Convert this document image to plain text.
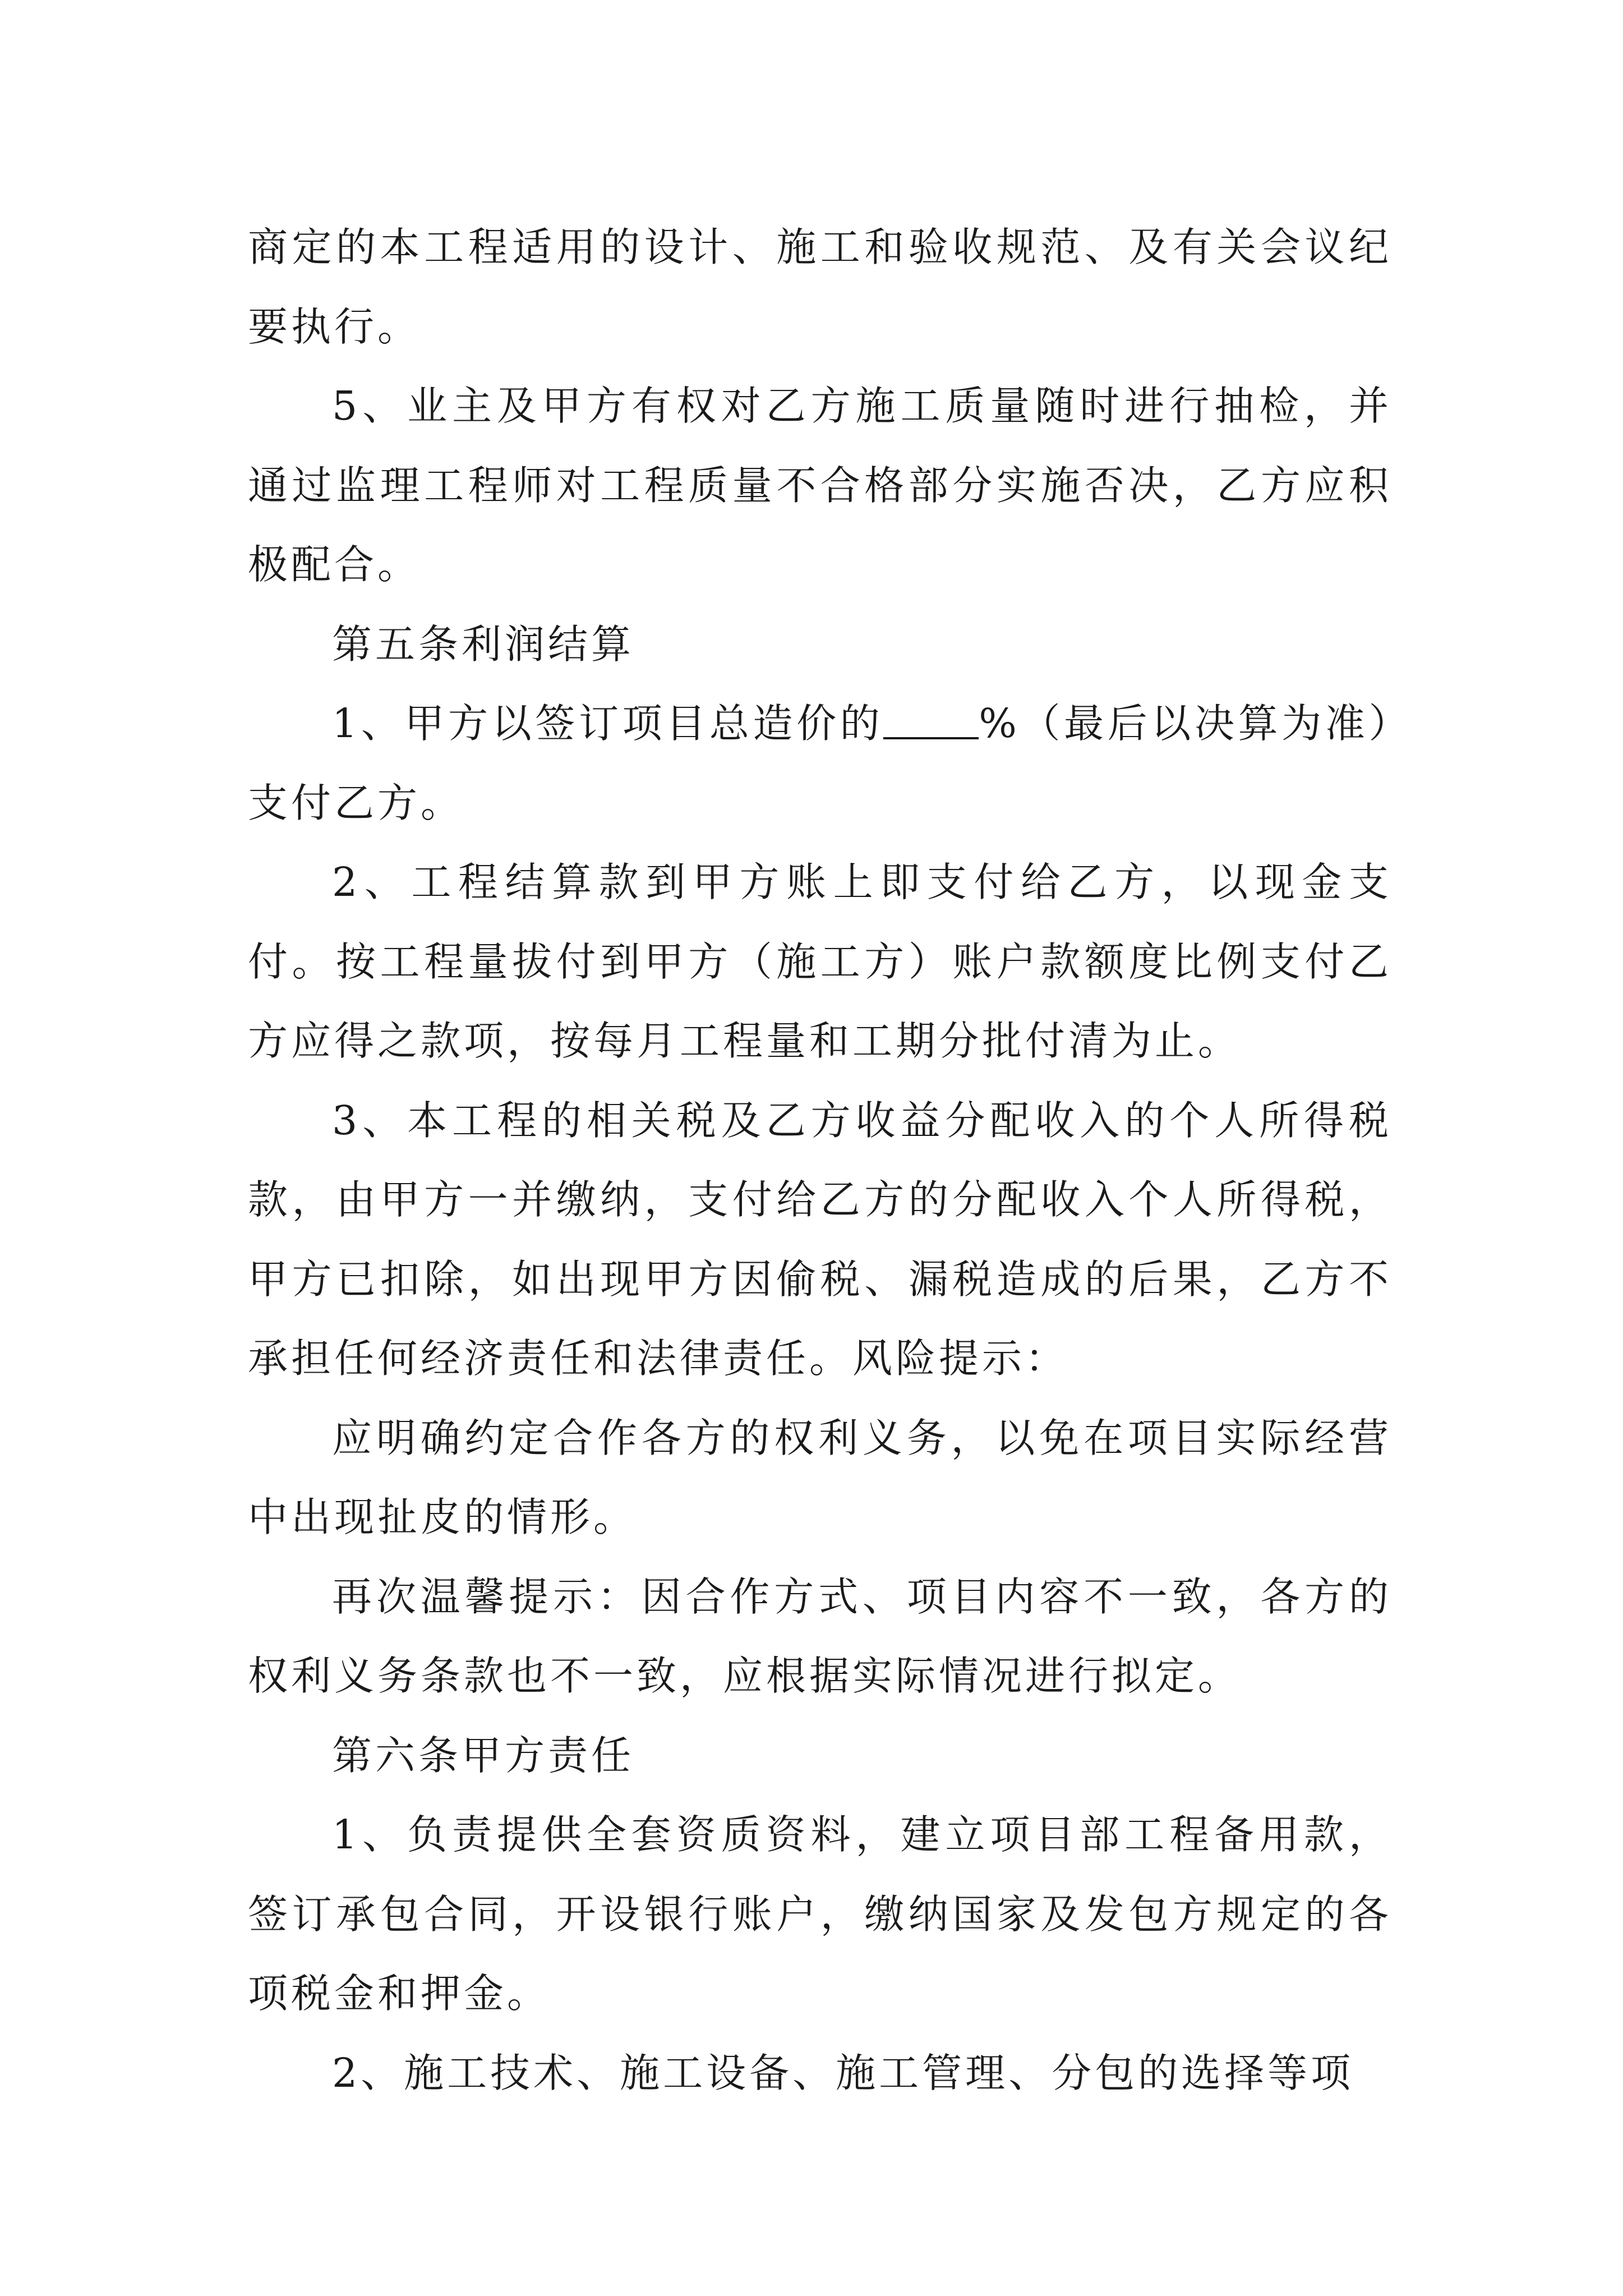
商定的本工程适用的设计、施工和验收规范、及有关会议纪要执行。

5、业主及甲方有权对乙方施工质量随时进行抽检，并通过监理工程师对工程质量不合格部分实施否决，乙方应积极配合。

第五条利润结算

1、甲方以签订项目总造价的 %（最后以决算为准）支付乙方。

2、工程结算款到甲方账上即支付给乙方，以现金支付。按工程量拔付到甲方（施工方）账户款额度比例支付乙方应得之款项，按每月工程量和工期分批付清为止。

3、本工程的相关税及乙方收益分配收入的个人所得税款，由甲方一并缴纳，支付给乙方的分配收入个人所得税，甲方已扣除，如出现甲方因偷税、漏税造成的后果，乙方不承担任何经济责任和法律责任。风险提示：

应明确约定合作各方的权利义务，以免在项目实际经营中出现扯皮的情形。

再次温馨提示：因合作方式、项目内容不一致，各方的权利义务条款也不一致，应根据实际情况进行拟定。

第六条甲方责任

1、负责提供全套资质资料，建立项目部工程备用款，签订承包合同，开设银行账户，缴纳国家及发包方规定的各项税金和押金。

2、施工技术、施工设备、施工管理、分包的选择等项
